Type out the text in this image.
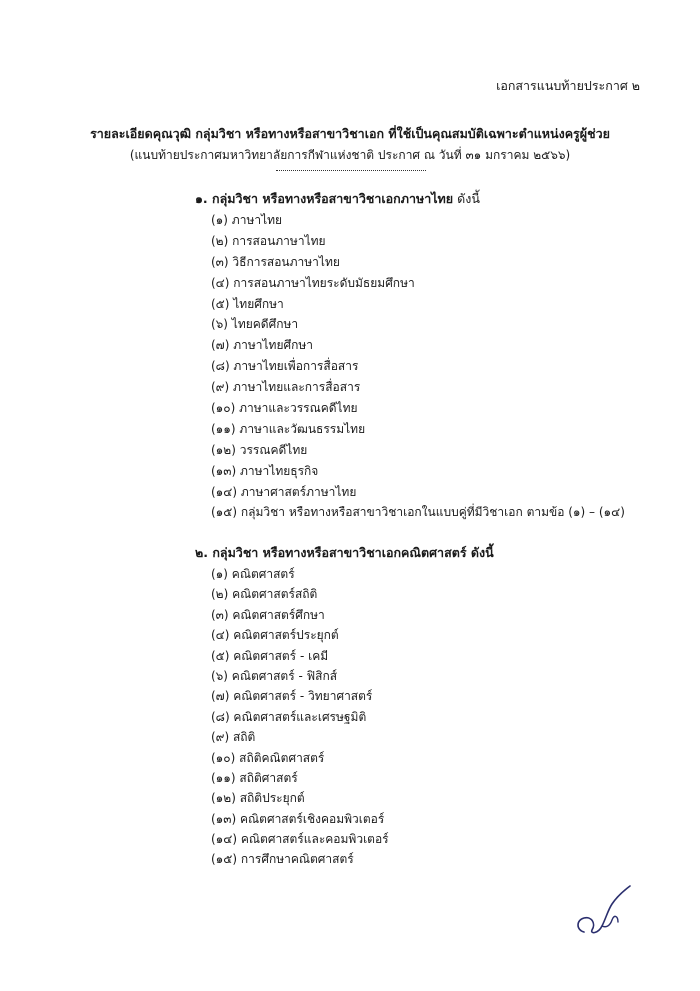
เอกสารแนบท้ายประกาศ ๒
รายละเอียดคุณวุฒิ กลุ่มวิชา หรือทางหรือสาขาวิชาเอก ที่ใช้เป็นคุณสมบัติเฉพาะตำแหน่งครูผู้ช่วย
(แนบท้ายประกาศมหาวิทยาลัยการกีฬาแห่งชาติ ประกาศ ณ วันที่ ๓๑ มกราคม ๒๕๖๖)
๑. กลุ่มวิชา หรือทางหรือสาขาวิชาเอกภาษาไทย ดังนี้
(๑) ภาษาไทย
(๒) การสอนภาษาไทย
(๓) วิธีการสอนภาษาไทย
(๔) การสอนภาษาไทยระดับมัธยมศึกษา
(๕) ไทยศึกษา
(๖) ไทยคดีศึกษา
(๗) ภาษาไทยศึกษา
(๘) ภาษาไทยเพื่อการสื่อสาร
(๙) ภาษาไทยและการสื่อสาร
(๑๐) ภาษาและวรรณคดีไทย
(๑๑) ภาษาและวัฒนธรรมไทย
(๑๒) วรรณคดีไทย
(๑๓) ภาษาไทยธุรกิจ
(๑๔) ภาษาศาสตร์ภาษาไทย
(๑๕) กลุ่มวิชา หรือทางหรือสาขาวิชาเอกในแบบคู่ที่มีวิชาเอก ตามข้อ (๑) – (๑๔)
๒. กลุ่มวิชา หรือทางหรือสาขาวิชาเอกคณิตศาสตร์ ดังนี้
(๑) คณิตศาสตร์
(๒) คณิตศาสตร์สถิติ
(๓) คณิตศาสตร์ศึกษา
(๔) คณิตศาสตร์ประยุกต์
(๕) คณิตศาสตร์ - เคมี
(๖) คณิตศาสตร์ - ฟิสิกส์
(๗) คณิตศาสตร์ - วิทยาศาสตร์
(๘) คณิตศาสตร์และเศรษฐมิติ
(๙) สถิติ
(๑๐) สถิติคณิตศาสตร์
(๑๑) สถิติศาสตร์
(๑๒) สถิติประยุกต์
(๑๓) คณิตศาสตร์เชิงคอมพิวเตอร์
(๑๔) คณิตศาสตร์และคอมพิวเตอร์
(๑๕) การศึกษาคณิตศาสตร์
